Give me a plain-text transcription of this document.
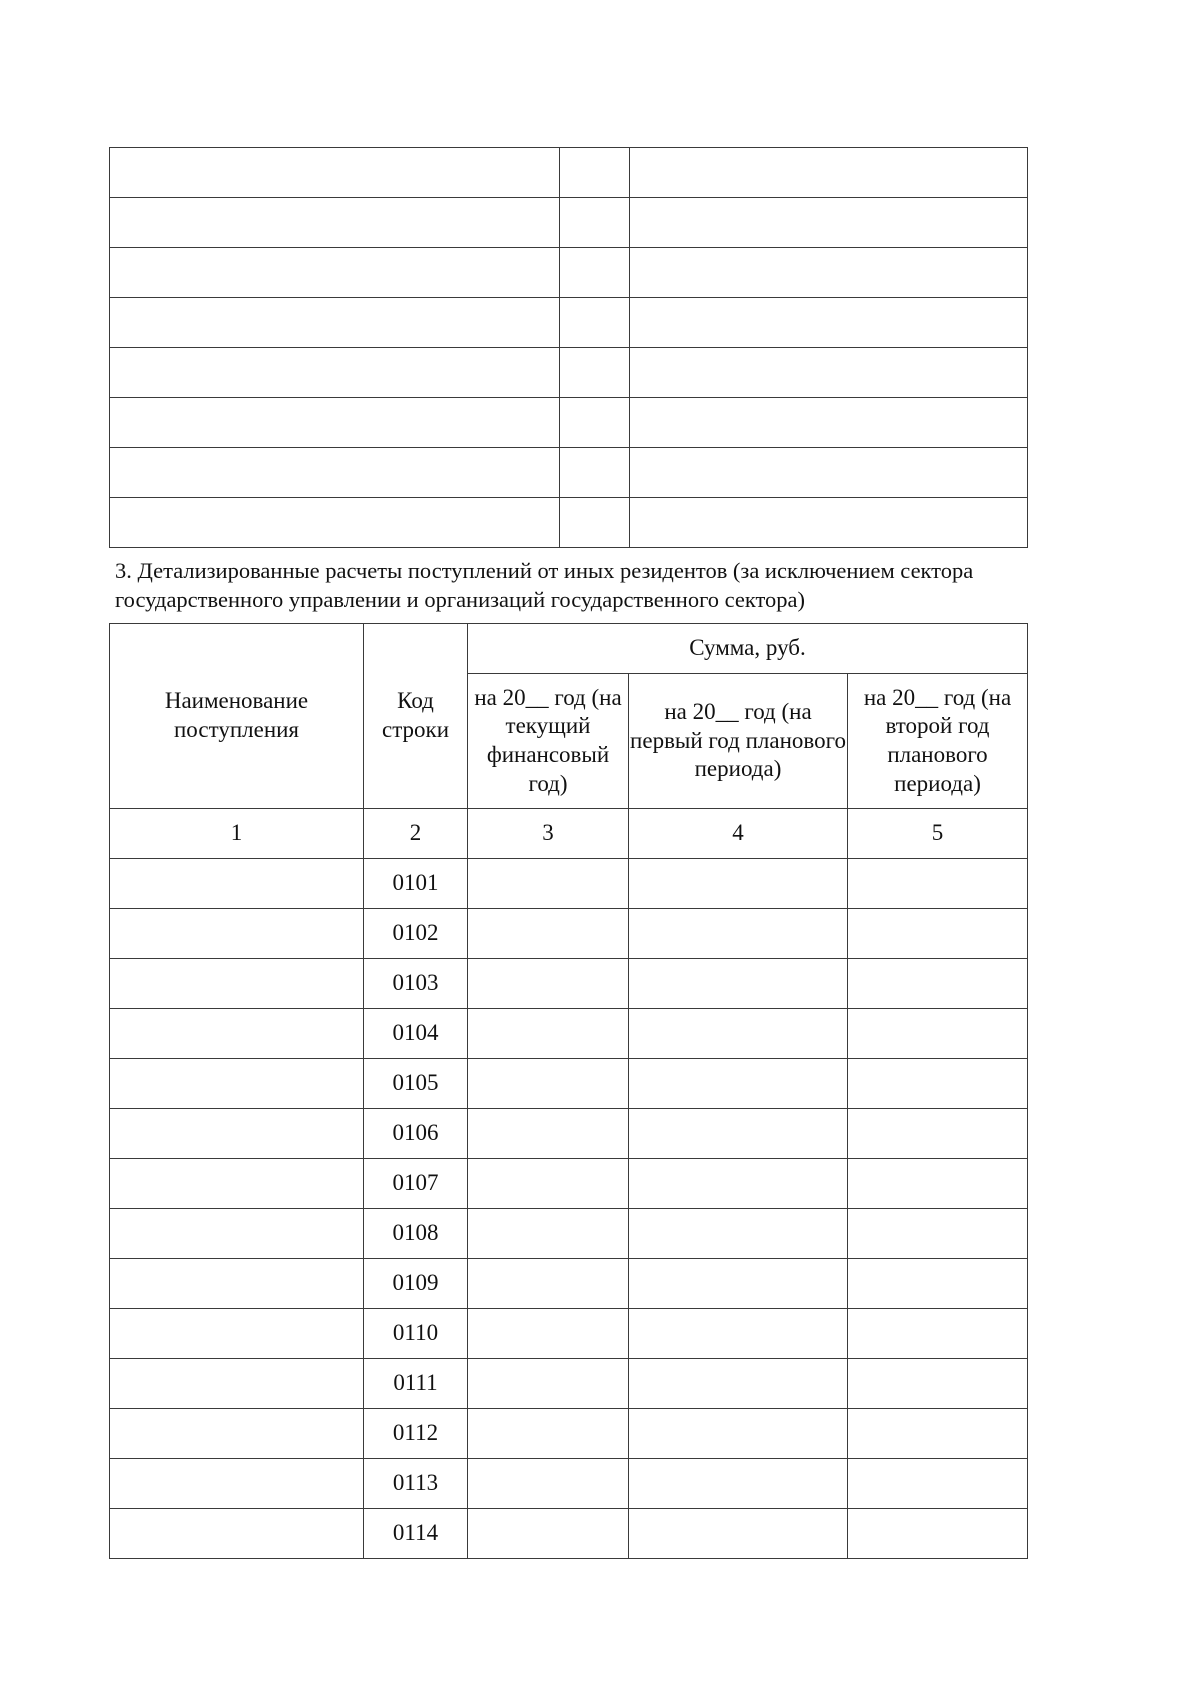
3. Детализированные расчеты поступлений от иных резидентов (за исключением сектора государственного управлении и организаций государственного сектора)

Наименование поступления	Код строки	Сумма, руб.		
		на 20__ год (на текущий финансовый год)	на 20__ год (на первый год планового периода)	на 20__ год (на второй год планового периода)
1	2	3	4	5
	0101			
	0102			
	0103			
	0104			
	0105			
	0106			
	0107			
	0108			
	0109			
	0110			
	0111			
	0112			
	0113			
	0114			
